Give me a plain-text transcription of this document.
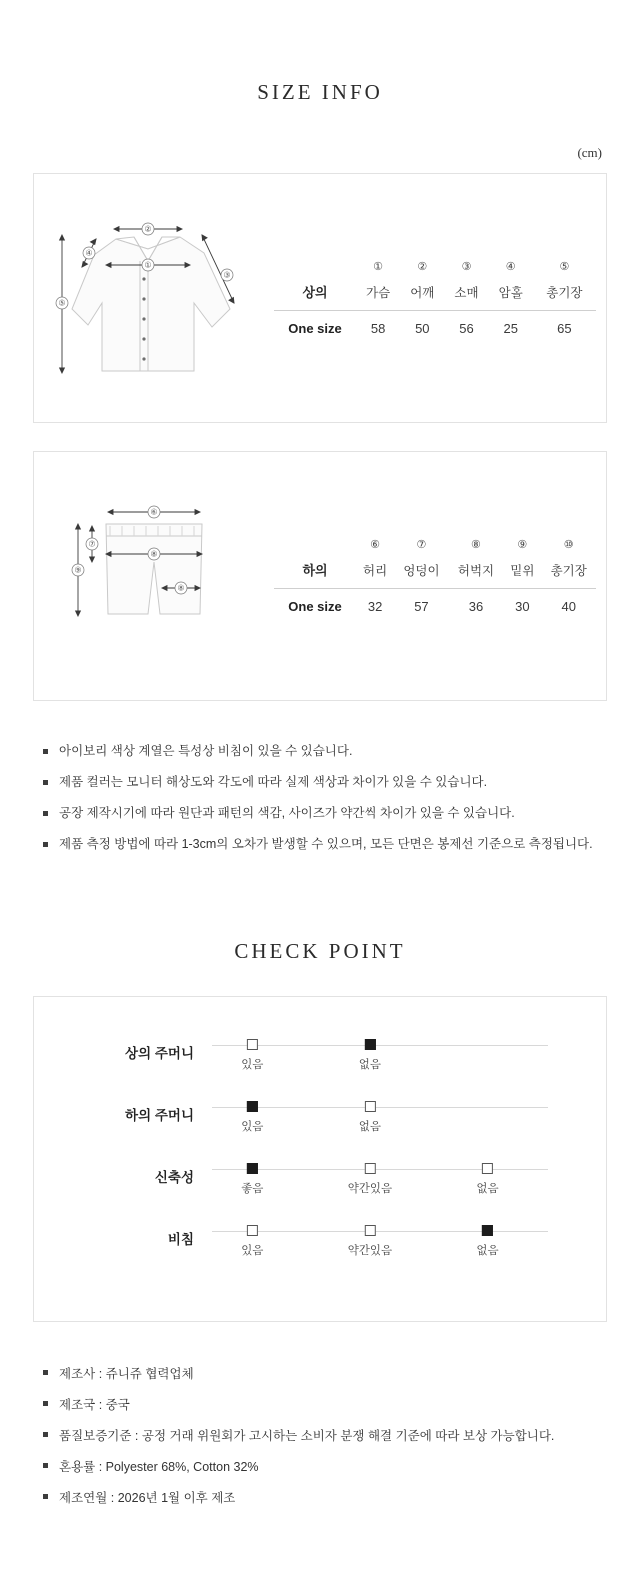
SIZE INFO
(cm)
②
①
④
③
⑤
	①	②	③	④	⑤
상의	가슴	어깨	소매	암홀	총기장
One size	58	50	56	25	65
⑥
⑧
⑧
⑦
⑨
	⑥	⑦	⑧	⑨	⑩
하의	허리	엉덩이	허벅지	밑위	총기장
One size	32	57	36	30	40
아이보리 색상 계열은 특성상 비침이 있을 수 있습니다.
제품 컬러는 모니터 해상도와 각도에 따라 실제 색상과 차이가 있을 수 있습니다.
공장 제작시기에 따라 원단과 패턴의 색감, 사이즈가 약간씩 차이가 있을 수 있습니다.
제품 측정 방법에 따라 1-3cm의 오차가 발생할 수 있으며, 모든 단면은 봉제선 기준으로 측정됩니다.
CHECK POINT
상의 주머니
있음	없음
하의 주머니
있음	없음
신축성
좋음	약간있음	없음
비침
있음	약간있음	없음
제조사 : 쥬니쥬 협력업체
제조국 : 중국
품질보증기준 : 공정 거래 위원회가 고시하는 소비자 분쟁 해결 기준에 따라 보상 가능합니다.
혼용률 : Polyester 68%, Cotton 32%
제조연월 : 2026년 1월 이후 제조
